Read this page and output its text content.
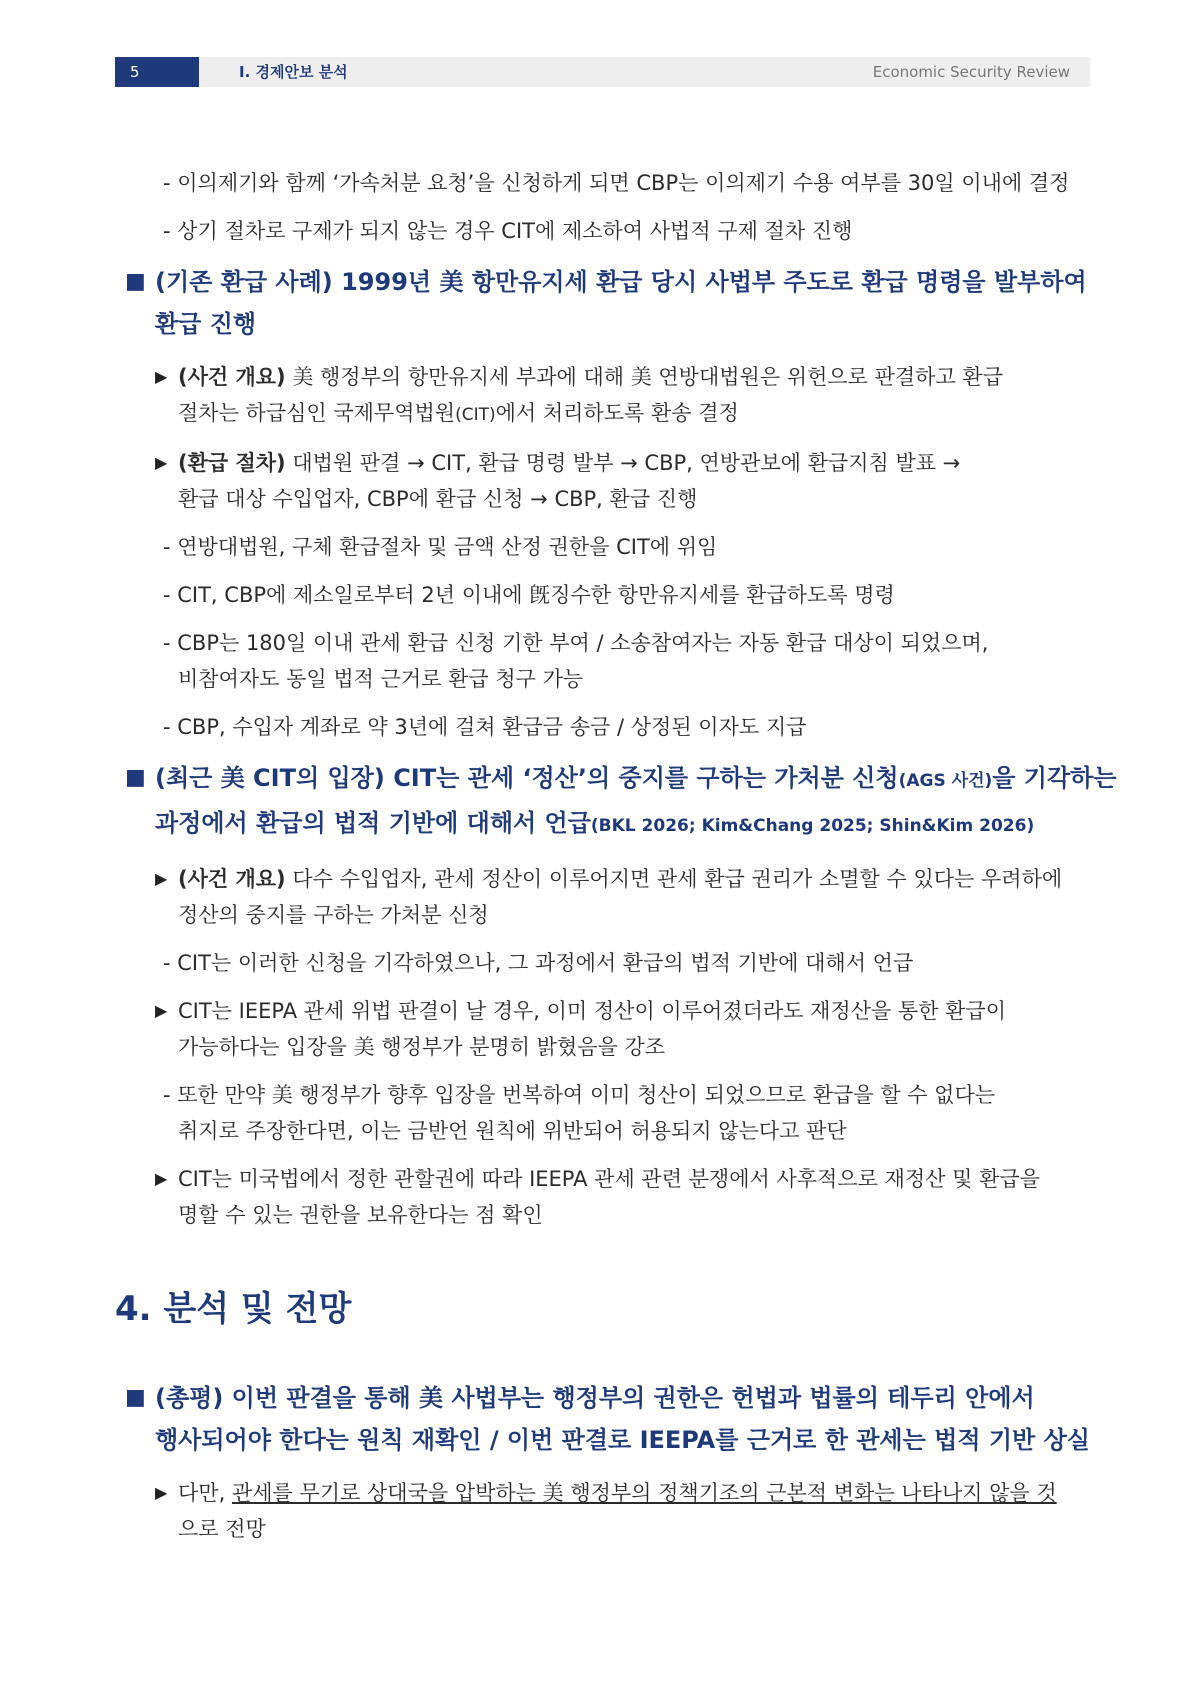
5	Ⅰ. 경제안보 분석	Economic Security Review
- 이의제기와 함께 ‘가속처분 요청’을 신청하게 되면 CBP는 이의제기 수용 여부를 30일 이내에 결정
- 상기 절차로 구제가 되지 않는 경우 CIT에 제소하여 사법적 구제 절차 진행
■ (기존 환급 사례) 1999년 美 항만유지세 환급 당시 사법부 주도로 환급 명령을 발부하여
환급 진행
▶ (사건 개요) 美 행정부의 항만유지세 부과에 대해 美 연방대법원은 위헌으로 판결하고 환급
절차는 하급심인 국제무역법원(CIT)에서 처리하도록 환송 결정
▶ (환급 절차) 대법원 판결 → CIT, 환급 명령 발부 → CBP, 연방관보에 환급지침 발표 →
환급 대상 수입업자, CBP에 환급 신청 → CBP, 환급 진행
- 연방대법원, 구체 환급절차 및 금액 산정 권한을 CIT에 위임
- CIT, CBP에 제소일로부터 2년 이내에 旣징수한 항만유지세를 환급하도록 명령
- CBP는 180일 이내 관세 환급 신청 기한 부여 / 소송참여자는 자동 환급 대상이 되었으며,
비참여자도 동일 법적 근거로 환급 청구 가능
- CBP, 수입자 계좌로 약 3년에 걸쳐 환급금 송금 / 상정된 이자도 지급
■ (최근 美 CIT의 입장) CIT는 관세 ‘정산’의 중지를 구하는 가처분 신청(AGS 사건)을 기각하는
과정에서 환급의 법적 기반에 대해서 언급(BKL 2026; Kim&Chang 2025; Shin&Kim 2026)
▶ (사건 개요) 다수 수입업자, 관세 정산이 이루어지면 관세 환급 권리가 소멸할 수 있다는 우려하에
정산의 중지를 구하는 가처분 신청
- CIT는 이러한 신청을 기각하였으나, 그 과정에서 환급의 법적 기반에 대해서 언급
▶ CIT는 IEEPA 관세 위법 판결이 날 경우, 이미 정산이 이루어졌더라도 재정산을 통한 환급이
가능하다는 입장을 美 행정부가 분명히 밝혔음을 강조
- 또한 만약 美 행정부가 향후 입장을 번복하여 이미 청산이 되었으므로 환급을 할 수 없다는
취지로 주장한다면, 이는 금반언 원칙에 위반되어 허용되지 않는다고 판단
▶ CIT는 미국법에서 정한 관할권에 따라 IEEPA 관세 관련 분쟁에서 사후적으로 재정산 및 환급을
명할 수 있는 권한을 보유한다는 점 확인
4. 분석 및 전망
■ (총평) 이번 판결을 통해 美 사법부는 행정부의 권한은 헌법과 법률의 테두리 안에서
행사되어야 한다는 원칙 재확인 / 이번 판결로 IEEPA를 근거로 한 관세는 법적 기반 상실
▶ 다만, 관세를 무기로 상대국을 압박하는 美 행정부의 정책기조의 근본적 변화는 나타나지 않을 것
으로 전망
